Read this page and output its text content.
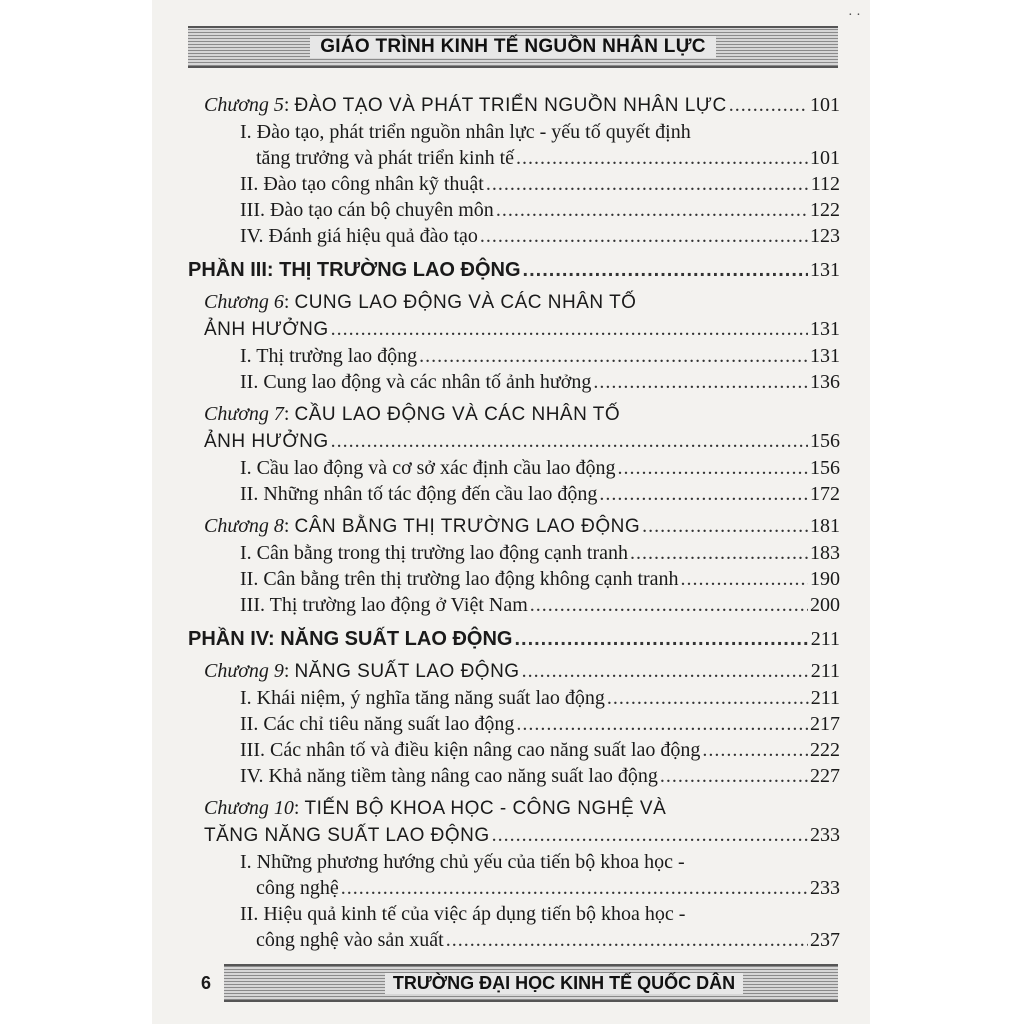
· ·
GIÁO TRÌNH KINH TẾ NGUỒN NHÂN LỰC
Chương 5: ĐÀO TẠO VÀ PHÁT TRIỂN NGUỒN NHÂN LỰC .....	101
I. Đào tạo, phát triển nguồn nhân lực - yếu tố quyết định
tăng trưởng và phát triển kinh tế .....	101
II. Đào tạo công nhân kỹ thuật .....	112
III. Đào tạo cán bộ chuyên môn .....	122
IV. Đánh giá hiệu quả đào tạo .....	123
PHẦN III: THỊ TRƯỜNG LAO ĐỘNG .....	131
Chương 6: CUNG LAO ĐỘNG VÀ CÁC NHÂN TỐ
ẢNH HƯỞNG .....	131
I. Thị trường lao động .....	131
II. Cung lao động và các nhân tố ảnh hưởng .....	136
Chương 7: CẦU LAO ĐỘNG VÀ CÁC NHÂN TỐ
ẢNH HƯỞNG .....	156
I. Cầu lao động và cơ sở xác định cầu lao động .....	156
II. Những nhân tố tác động đến cầu lao động .....	172
Chương 8: CÂN BẰNG THỊ TRƯỜNG LAO ĐỘNG .....	181
I. Cân bằng trong thị trường lao động cạnh tranh .....	183
II. Cân bằng trên thị trường lao động không cạnh tranh .....	190
III. Thị trường lao động ở Việt Nam .....	200
PHẦN IV: NĂNG SUẤT LAO ĐỘNG .....	211
Chương 9: NĂNG SUẤT LAO ĐỘNG .....	211
I. Khái niệm, ý nghĩa tăng năng suất lao động .....	211
II. Các chỉ tiêu năng suất lao động .....	217
III. Các nhân tố và điều kiện nâng cao năng suất lao động .....	222
IV. Khả năng tiềm tàng nâng cao năng suất lao động .....	227
Chương 10: TIẾN BỘ KHOA HỌC - CÔNG NGHỆ VÀ
TĂNG NĂNG SUẤT LAO ĐỘNG .....	233
I. Những phương hướng chủ yếu của tiến bộ khoa học -
công nghệ .....	233
II. Hiệu quả kinh tế của việc áp dụng tiến bộ khoa học -
công nghệ vào sản xuất .....	237
6	TRƯỜNG ĐẠI HỌC KINH TẾ QUỐC DÂN
